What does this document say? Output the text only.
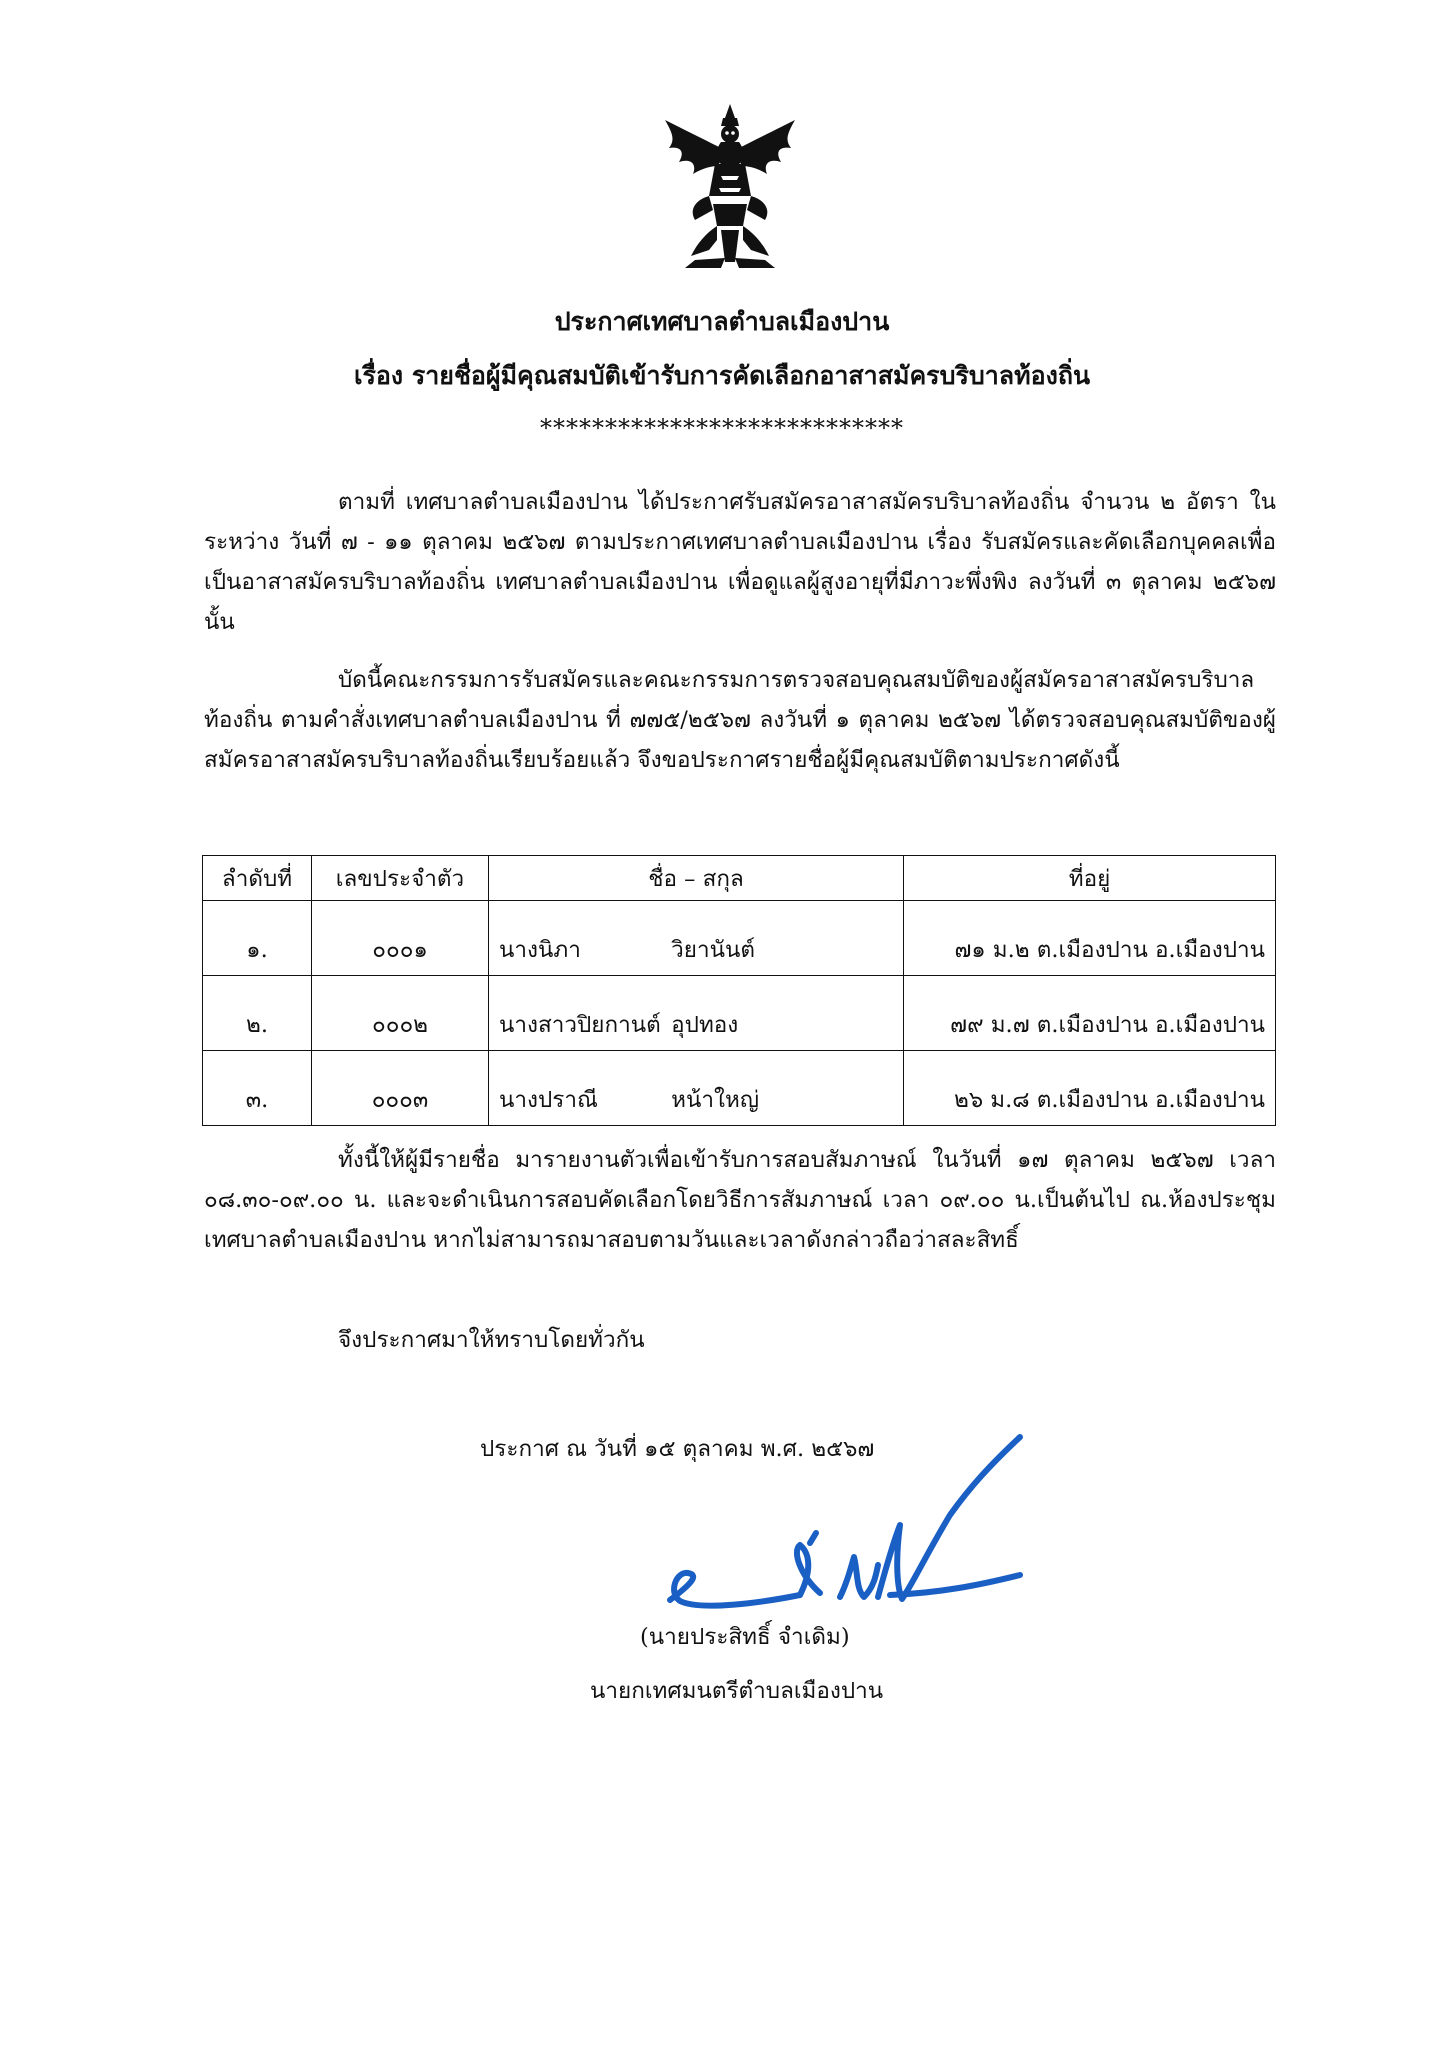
ประกาศเทศบาลตำบลเมืองปาน
เรื่อง รายชื่อผู้มีคุณสมบัติเข้ารับการคัดเลือกอาสาสมัครบริบาลท้องถิ่น
****************************
ตามที่ เทศบาลตำบลเมืองปาน ได้ประกาศรับสมัครอาสาสมัครบริบาลท้องถิ่น จำนวน ๒ อัตรา ในระหว่าง วันที่ ๗ - ๑๑ ตุลาคม ๒๕๖๗ ตามประกาศเทศบาลตำบลเมืองปาน เรื่อง รับสมัครและคัดเลือกบุคคลเพื่อเป็นอาสาสมัครบริบาลท้องถิ่น เทศบาลตำบลเมืองปาน เพื่อดูแลผู้สูงอายุที่มีภาวะพึ่งพิง ลงวันที่ ๓ ตุลาคม ๒๕๖๗ นั้น
บัดนี้คณะกรรมการรับสมัครและคณะกรรมการตรวจสอบคุณสมบัติของผู้สมัครอาสาสมัครบริบาลท้องถิ่น ตามคำสั่งเทศบาลตำบลเมืองปาน ที่ ๗๗๕/๒๕๖๗ ลงวันที่ ๑ ตุลาคม ๒๕๖๗ ได้ตรวจสอบคุณสมบัติของผู้สมัครอาสาสมัครบริบาลท้องถิ่นเรียบร้อยแล้ว จึงขอประกาศรายชื่อผู้มีคุณสมบัติตามประกาศดังนี้
ลำดับที่	เลขประจำตัว	ชื่อ – สกุล	ที่อยู่
๑.	๐๐๐๑	นางนิภา วิยานันต์	๗๑ ม.๒ ต.เมืองปาน อ.เมืองปาน
๒.	๐๐๐๒	นางสาวปิยกานต์ อุปทอง	๗๙ ม.๗ ต.เมืองปาน อ.เมืองปาน
๓.	๐๐๐๓	นางปราณี หน้าใหญ่	๒๖ ม.๘ ต.เมืองปาน อ.เมืองปาน
ทั้งนี้ให้ผู้มีรายชื่อ มารายงานตัวเพื่อเข้ารับการสอบสัมภาษณ์ ในวันที่ ๑๗ ตุลาคม ๒๕๖๗ เวลา ๐๘.๓๐-๐๙.๐๐ น. และจะดำเนินการสอบคัดเลือกโดยวิธีการสัมภาษณ์ เวลา ๐๙.๐๐ น.เป็นต้นไป ณ.ห้องประชุมเทศบาลตำบลเมืองปาน หากไม่สามารถมาสอบตามวันและเวลาดังกล่าวถือว่าสละสิทธิ์
จึงประกาศมาให้ทราบโดยทั่วกัน
ประกาศ ณ วันที่ ๑๕ ตุลาคม พ.ศ. ๒๕๖๗
(นายประสิทธิ์ จำเดิม)
นายกเทศมนตรีตำบลเมืองปาน
